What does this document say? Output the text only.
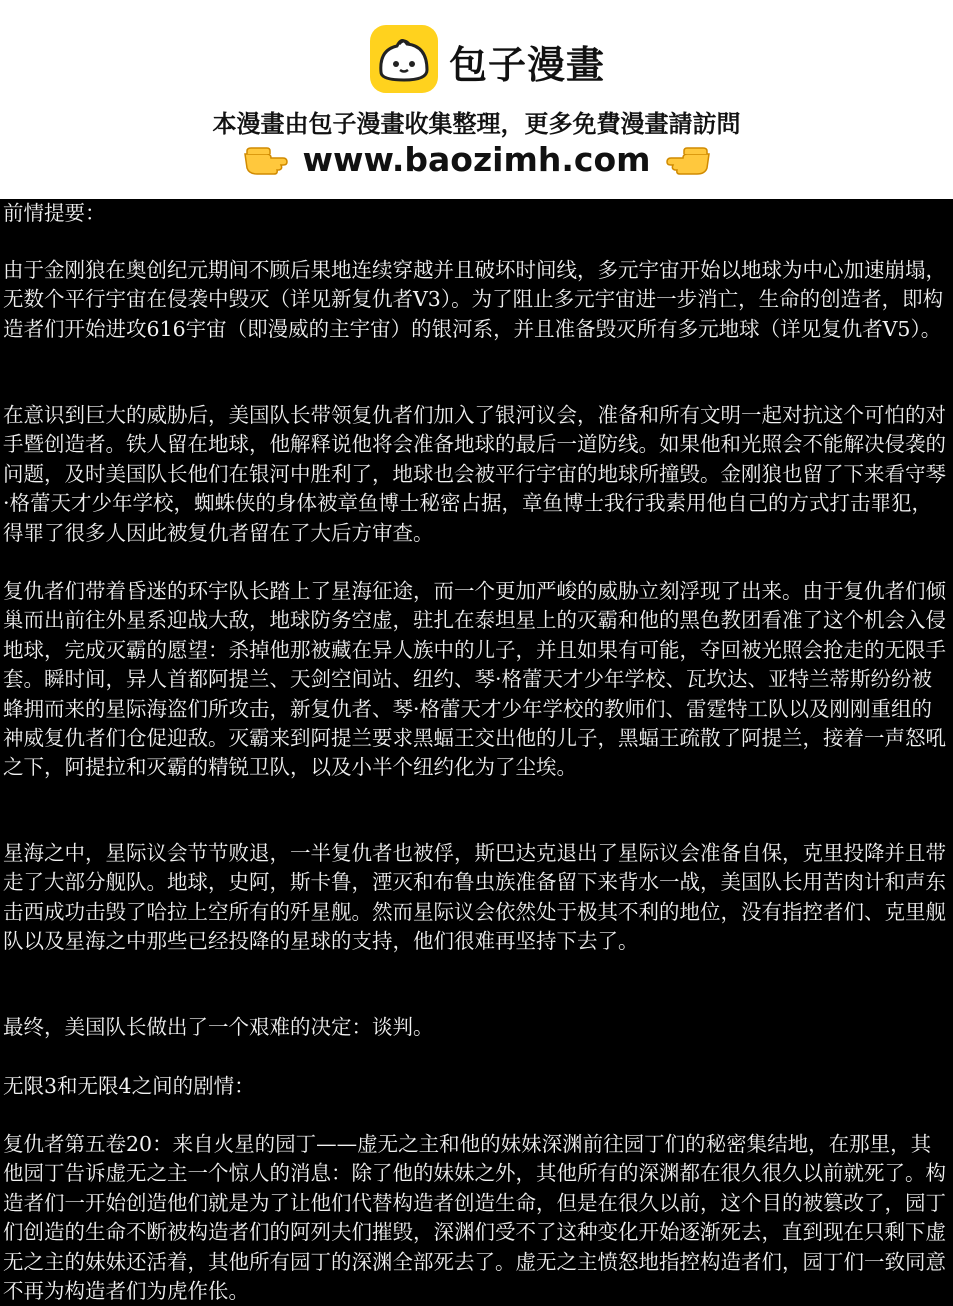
包子漫畫
本漫畫由包子漫畫收集整理，更多免費漫畫請訪問
www.baozimh.com

前情提要：

由于金刚狼在奥创纪元期间不顾后果地连续穿越并且破坏时间线，多元宇宙开始以地球为中心加速崩塌，无数个平行宇宙在侵袭中毁灭（详见新复仇者V3）。为了阻止多元宇宙进一步消亡，生命的创造者，即构造者们开始进攻616宇宙（即漫威的主宇宙）的银河系，并且准备毁灭所有多元地球（详见复仇者V5）。

在意识到巨大的威胁后，美国队长带领复仇者们加入了银河议会，准备和所有文明一起对抗这个可怕的对手暨创造者。铁人留在地球，他解释说他将会准备地球的最后一道防线。如果他和光照会不能解决侵袭的问题，及时美国队长他们在银河中胜利了，地球也会被平行宇宙的地球所撞毁。金刚狼也留了下来看守琴·格蕾天才少年学校，蜘蛛侠的身体被章鱼博士秘密占据，章鱼博士我行我素用他自己的方式打击罪犯，得罪了很多人因此被复仇者留在了大后方审查。

复仇者们带着昏迷的环宇队长踏上了星海征途，而一个更加严峻的威胁立刻浮现了出来。由于复仇者们倾巢而出前往外星系迎战大敌，地球防务空虚，驻扎在泰坦星上的灭霸和他的黑色教团看准了这个机会入侵地球，完成灭霸的愿望：杀掉他那被藏在异人族中的儿子，并且如果有可能，夺回被光照会抢走的无限手套。瞬时间，异人首都阿提兰、天剑空间站、纽约、琴·格蕾天才少年学校、瓦坎达、亚特兰蒂斯纷纷被蜂拥而来的星际海盗们所攻击，新复仇者、琴·格蕾天才少年学校的教师们、雷霆特工队以及刚刚重组的神威复仇者们仓促迎敌。灭霸来到阿提兰要求黑蝠王交出他的儿子，黑蝠王疏散了阿提兰，接着一声怒吼之下，阿提拉和灭霸的精锐卫队，以及小半个纽约化为了尘埃。

星海之中，星际议会节节败退，一半复仇者也被俘，斯巴达克退出了星际议会准备自保，克里投降并且带走了大部分舰队。地球，史阿，斯卡鲁，湮灭和布鲁虫族准备留下来背水一战，美国队长用苦肉计和声东击西成功击毁了哈拉上空所有的歼星舰。然而星际议会依然处于极其不利的地位，没有指控者们、克里舰队以及星海之中那些已经投降的星球的支持，他们很难再坚持下去了。

最终，美国队长做出了一个艰难的决定：谈判。

无限3和无限4之间的剧情：

复仇者第五卷20：来自火星的园丁——虚无之主和他的妹妹深渊前往园丁们的秘密集结地，在那里，其他园丁告诉虚无之主一个惊人的消息：除了他的妹妹之外，其他所有的深渊都在很久很久以前就死了。构造者们一开始创造他们就是为了让他们代替构造者创造生命，但是在很久以前，这个目的被篡改了，园丁们创造的生命不断被构造者们的阿列夫们摧毁，深渊们受不了这种变化开始逐渐死去，直到现在只剩下虚无之主的妹妹还活着，其他所有园丁的深渊全部死去了。虚无之主愤怒地指控构造者们，园丁们一致同意不再为构造者们为虎作伥。
